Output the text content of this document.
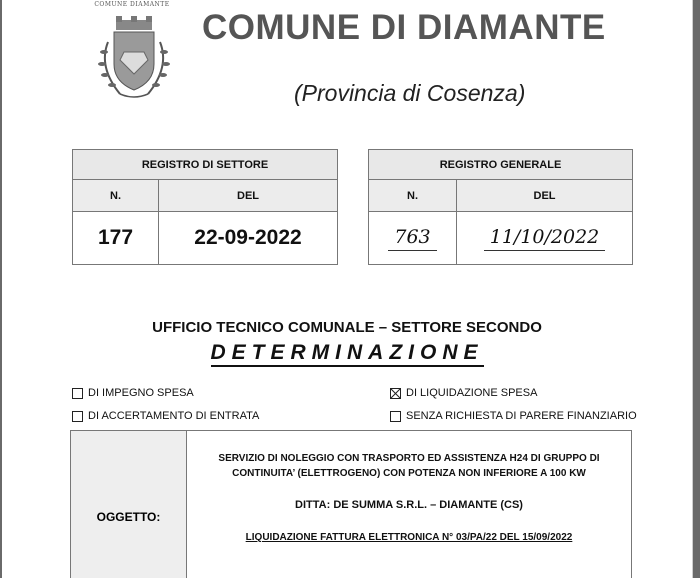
COMUNE DIAMANTE
COMUNE DI DIAMANTE
(Provincia di Cosenza)
REGISTRO DI SETTORE	
N.	DEL
177	22-09-2022
REGISTRO GENERALE	
N.	DEL
763	11/10/2022
UFFICIO TECNICO COMUNALE – SETTORE SECONDO
DETERMINAZIONE
DI IMPEGNO SPESA	DI LIQUIDAZIONE SPESA
DI ACCERTAMENTO DI ENTRATA	SENZA RICHIESTA DI PARERE FINANZIARIO
OGGETTO:
SERVIZIO DI NOLEGGIO CON TRASPORTO ED ASSISTENZA H24 DI GRUPPO DI CONTINUITA’ (ELETTROGENO) CON POTENZA NON INFERIORE A 100 KW
DITTA: DE SUMMA S.R.L. – DIAMANTE (CS)
LIQUIDAZIONE FATTURA ELETTRONICA N° 03/PA/22 DEL 15/09/2022
